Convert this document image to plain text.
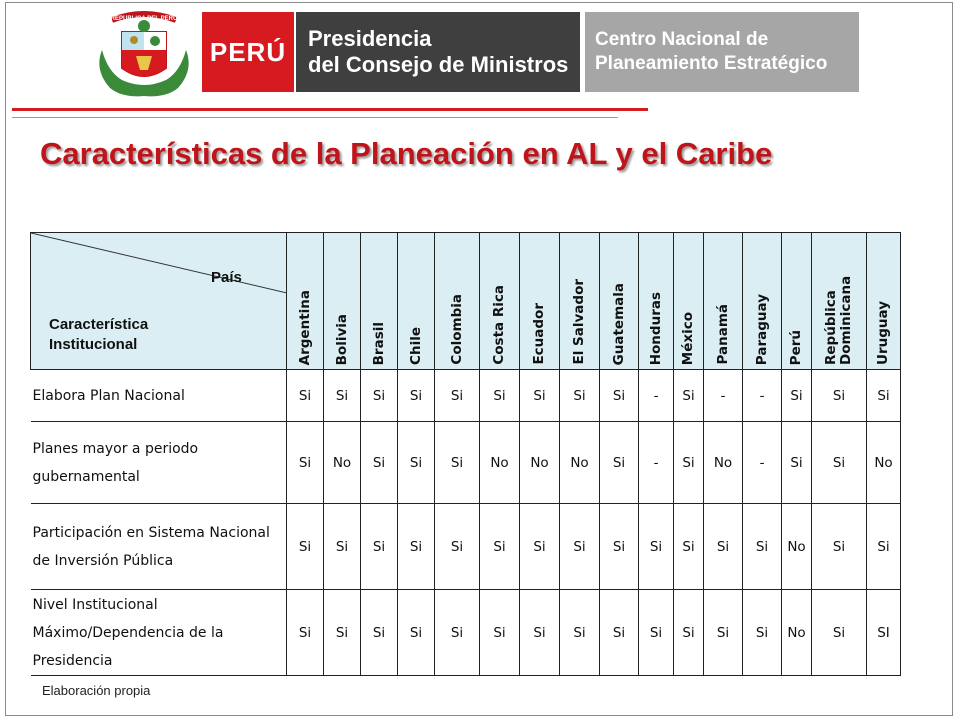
REPUBLICA DEL PERU
PERÚ Presidencia
del Consejo de Ministros
Centro Nacional de
Planeamiento Estratégico
Características de la Planeación en AL y el Caribe
País
Característica
Institucional	Argentina	Bolivia	Brasil	Chile	Colombia	Costa Rica	Ecuador	El Salvador	Guatemala	Honduras	México	Panamá	Paraguay	Perú	República Dominicana	Uruguay
Elabora Plan Nacional	Si	Si	Si	Si	Si	Si	Si	Si	Si	-	Si	-	-	Si	Si	Si
Planes mayor a periodo gubernamental	Si	No	Si	Si	Si	No	No	No	Si	-	Si	No	-	Si	Si	No
Participación en Sistema Nacional de Inversión Pública	Si	Si	Si	Si	Si	Si	Si	Si	Si	Si	Si	Si	Si	No	Si	Si
Nivel Institucional Máximo/Dependencia de la Presidencia	Si	Si	Si	Si	Si	Si	Si	Si	Si	Si	Si	Si	Si	No	Si	SI
Elaboración propia
